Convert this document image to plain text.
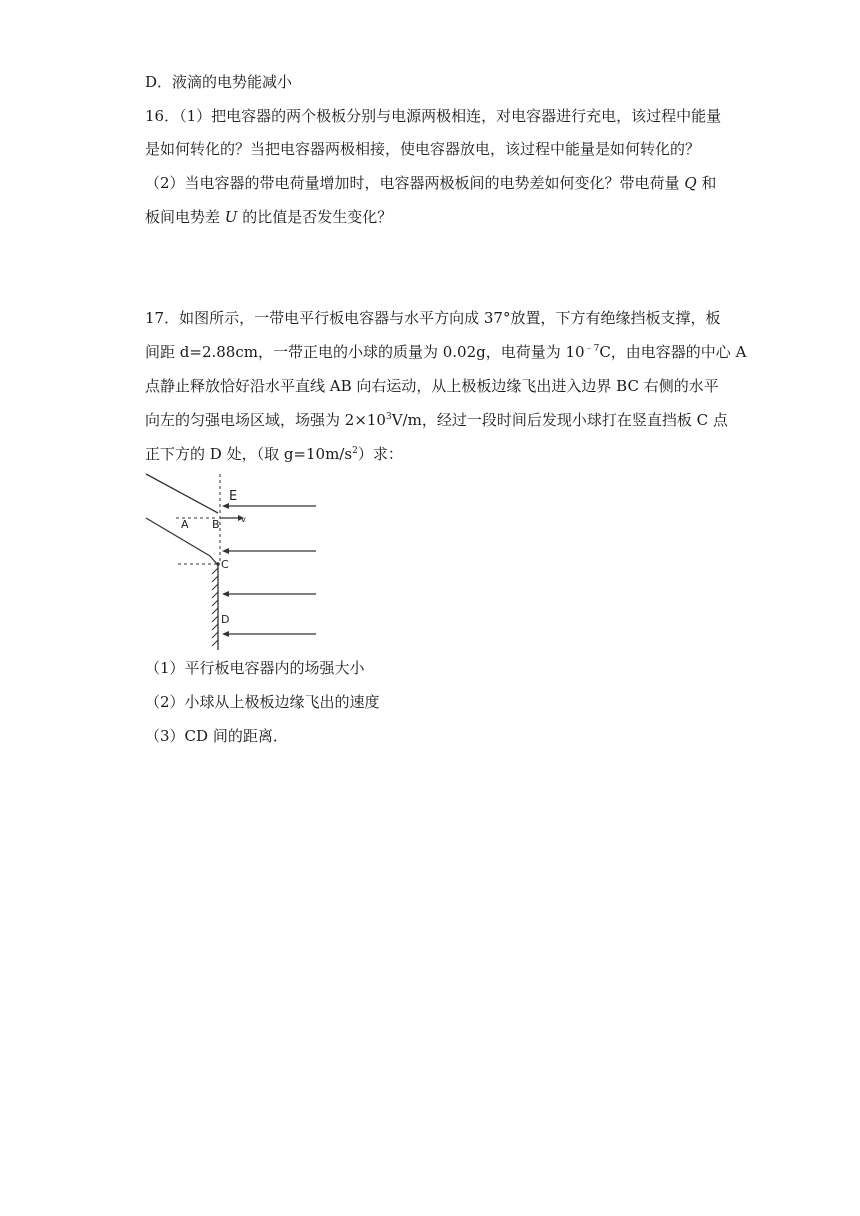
D．液滴的电势能减小
16．（1）把电容器的两个极板分别与电源两极相连，对电容器进行充电，该过程中能量
是如何转化的？当把电容器两极相接，使电容器放电，该过程中能量是如何转化的？
（2）当电容器的带电荷量增加时，电容器两极板间的电势差如何变化？带电荷量 Q 和
板间电势差 U 的比值是否发生变化？
17．如图所示，一带电平行板电容器与水平方向成 37°放置，下方有绝缘挡板支撑，板
间距 d=2.88cm，一带正电的小球的质量为 0.02g，电荷量为 $10^{﹣7}C$，由电容器的中心 A
点静止释放恰好沿水平直线 AB 向右运动，从上极板边缘飞出进入边界 BC 右侧的水平
向左的匀强电场区域，场强为 $2\times 10^3V/m$，经过一段时间后发现小球打在竖直挡板 C 点
正下方的 D 处，（取 $g=10m/s^2$）求：
E
A B	v
C
D
（1）平行板电容器内的场强大小
（2）小球从上极板边缘飞出的速度
（3）CD 间的距离．
